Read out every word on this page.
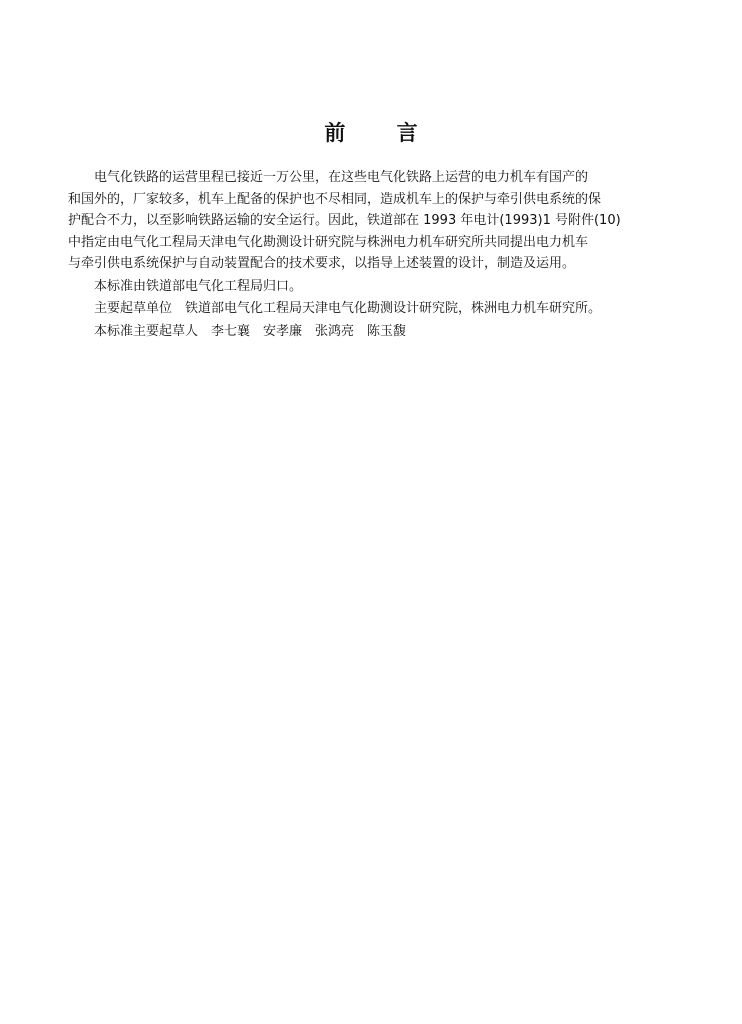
前 言
电气化铁路的运营里程已接近一万公里，在这些电气化铁路上运营的电力机车有国产的
和国外的，厂家较多，机车上配备的保护也不尽相同，造成机车上的保护与牵引供电系统的保
护配合不力，以至影响铁路运输的安全运行。因此，铁道部在 1993 年电计(1993)1 号附件(10)
中指定由电气化工程局天津电气化勘测设计研究院与株洲电力机车研究所共同提出电力机车
与牵引供电系统保护与自动装置配合的技术要求，以指导上述装置的设计，制造及运用。
本标准由铁道部电气化工程局归口。
主要起草单位　铁道部电气化工程局天津电气化勘测设计研究院，株洲电力机车研究所。
本标准主要起草人　李七襄　安孝廉　张鸿亮　陈玉馥
